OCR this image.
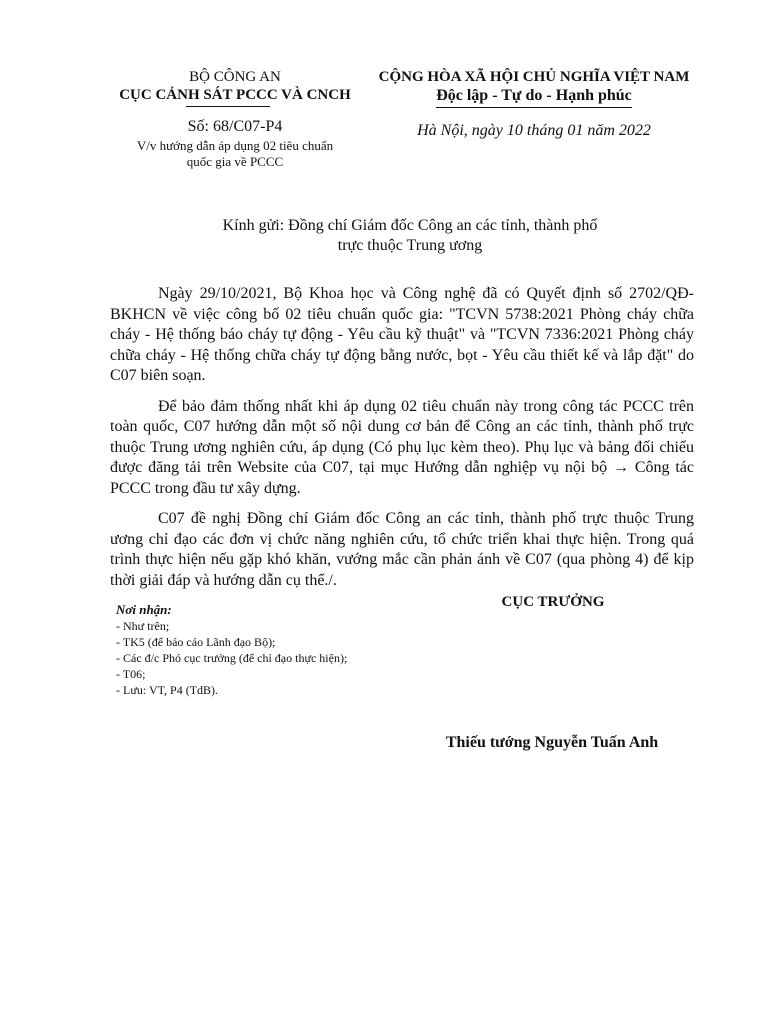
BỘ CÔNG AN
CỤC CẢNH SÁT PCCC VÀ CNCH
Số: 68/C07-P4
V/v hướng dẫn áp dụng 02 tiêu chuẩn
quốc gia về PCCC
CỘNG HÒA XÃ HỘI CHỦ NGHĨA VIỆT NAM
Độc lập - Tự do - Hạnh phúc
Hà Nội, ngày 10 tháng 01 năm 2022
Kính gửi: Đồng chí Giám đốc Công an các tỉnh, thành phố
trực thuộc Trung ương

Ngày 29/10/2021, Bộ Khoa học và Công nghệ đã có Quyết định số 2702/QĐ-BKHCN về việc công bố 02 tiêu chuẩn quốc gia: "TCVN 5738:2021 Phòng cháy chữa cháy - Hệ thống báo cháy tự động - Yêu cầu kỹ thuật" và "TCVN 7336:2021 Phòng cháy chữa cháy - Hệ thống chữa cháy tự động bằng nước, bọt - Yêu cầu thiết kế và lắp đặt" do C07 biên soạn.

Để bảo đảm thống nhất khi áp dụng 02 tiêu chuẩn này trong công tác PCCC trên toàn quốc, C07 hướng dẫn một số nội dung cơ bản để Công an các tỉnh, thành phố trực thuộc Trung ương nghiên cứu, áp dụng (Có phụ lục kèm theo). Phụ lục và bảng đối chiếu được đăng tải trên Website của C07, tại mục Hướng dẫn nghiệp vụ nội bộ → Công tác PCCC trong đầu tư xây dựng.

C07 đề nghị Đồng chí Giám đốc Công an các tỉnh, thành phố trực thuộc Trung ương chỉ đạo các đơn vị chức năng nghiên cứu, tổ chức triển khai thực hiện. Trong quá trình thực hiện nếu gặp khó khăn, vướng mắc cần phản ánh về C07 (qua phòng 4) để kịp thời giải đáp và hướng dẫn cụ thể./.

Nơi nhận:
- Như trên;
- TK5 (để báo cáo Lãnh đạo Bộ);
- Các đ/c Phó cục trưởng (để chỉ đạo thực hiện);
- T06;
- Lưu: VT, P4 (TdB).
CỤC TRƯỞNG
Thiếu tướng Nguyễn Tuấn Anh
